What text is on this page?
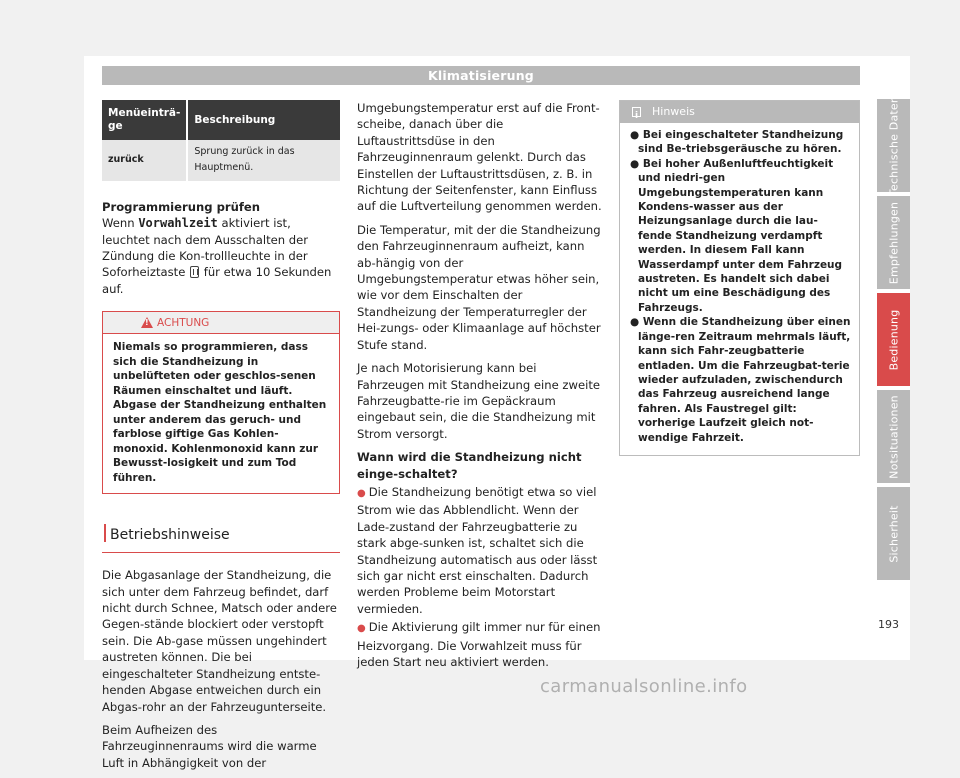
Klimatisierung
Menüeinträ-ge	Beschreibung
zurück	Sprung zurück in das Hauptmenü.

Programmierung prüfen

Wenn Vorwahlzeit aktiviert ist, leuchtet nach dem Ausschalten der Zündung die Kon-trollleuchte in der Soforheiztaste  für etwa 10 Sekunden auf.

!
ACHTUNG
Niemals so programmieren, dass sich die Standheizung in unbelüfteten oder geschlos-senen Räumen einschaltet und läuft. Abgase der Standheizung enthalten unter anderem das geruch- und farblose giftige Gas Kohlen-monoxid. Kohlenmonoxid kann zur Bewusst-losigkeit und zum Tod führen.
Betriebshinweise

Die Abgasanlage der Standheizung, die sich unter dem Fahrzeug befindet, darf nicht durch Schnee, Matsch oder andere Gegen-stände blockiert oder verstopft sein. Die Ab-gase müssen ungehindert austreten können. Die bei eingeschalteter Standheizung entste-henden Abgase entweichen durch ein Abgas-rohr an der Fahrzeugunterseite.

Beim Aufheizen des Fahrzeuginnenraums wird die warme Luft in Abhängigkeit von der

Umgebungstemperatur erst auf die Front-scheibe, danach über die Luftaustrittsdüse in den Fahrzeuginnenraum gelenkt. Durch das Einstellen der Luftaustrittsdüsen, z. B. in Richtung der Seitenfenster, kann Einfluss auf die Luftverteilung genommen werden.

Die Temperatur, mit der die Standheizung den Fahrzeuginnenraum aufheizt, kann ab-hängig von der Umgebungstemperatur etwas höher sein, wie vor dem Einschalten der Standheizung der Temperaturregler der Hei-zungs- oder Klimaanlage auf höchster Stufe stand.

Je nach Motorisierung kann bei Fahrzeugen mit Standheizung eine zweite Fahrzeugbatte-rie im Gepäckraum eingebaut sein, die die Standheizung mit Strom versorgt.

Wann wird die Standheizung nicht einge-schaltet?

● Die Standheizung benötigt etwa so viel Strom wie das Abblendlicht. Wenn der Lade-zustand der Fahrzeugbatterie zu stark abge-sunken ist, schaltet sich die Standheizung automatisch aus oder lässt sich gar nicht erst einschalten. Dadurch werden Probleme beim Motorstart vermieden.

● Die Aktivierung gilt immer nur für einen Heizvorgang. Die Vorwahlzeit muss für jeden Start neu aktiviert werden.

i
Hinweis

● Bei eingeschalteter Standheizung sind Be-triebsgeräusche zu hören.

● Bei hoher Außenluftfeuchtigkeit und niedri-gen Umgebungstemperaturen kann Kondens-wasser aus der Heizungsanlage durch die lau-fende Standheizung verdampft werden. In diesem Fall kann Wasserdampf unter dem Fahrzeug austreten. Es handelt sich dabei nicht um eine Beschädigung des Fahrzeugs.

● Wenn die Standheizung über einen länge-ren Zeitraum mehrmals läuft, kann sich Fahr-zeugbatterie entladen. Um die Fahrzeugbat-terie wieder aufzuladen, zwischendurch das Fahrzeug ausreichend lange fahren. Als Faustregel gilt: vorherige Laufzeit gleich not-wendige Fahrzeit.

Technische Daten
Empfehlungen
Bedienung
Notsituationen
Sicherheit
193
carmanualsonline.info
